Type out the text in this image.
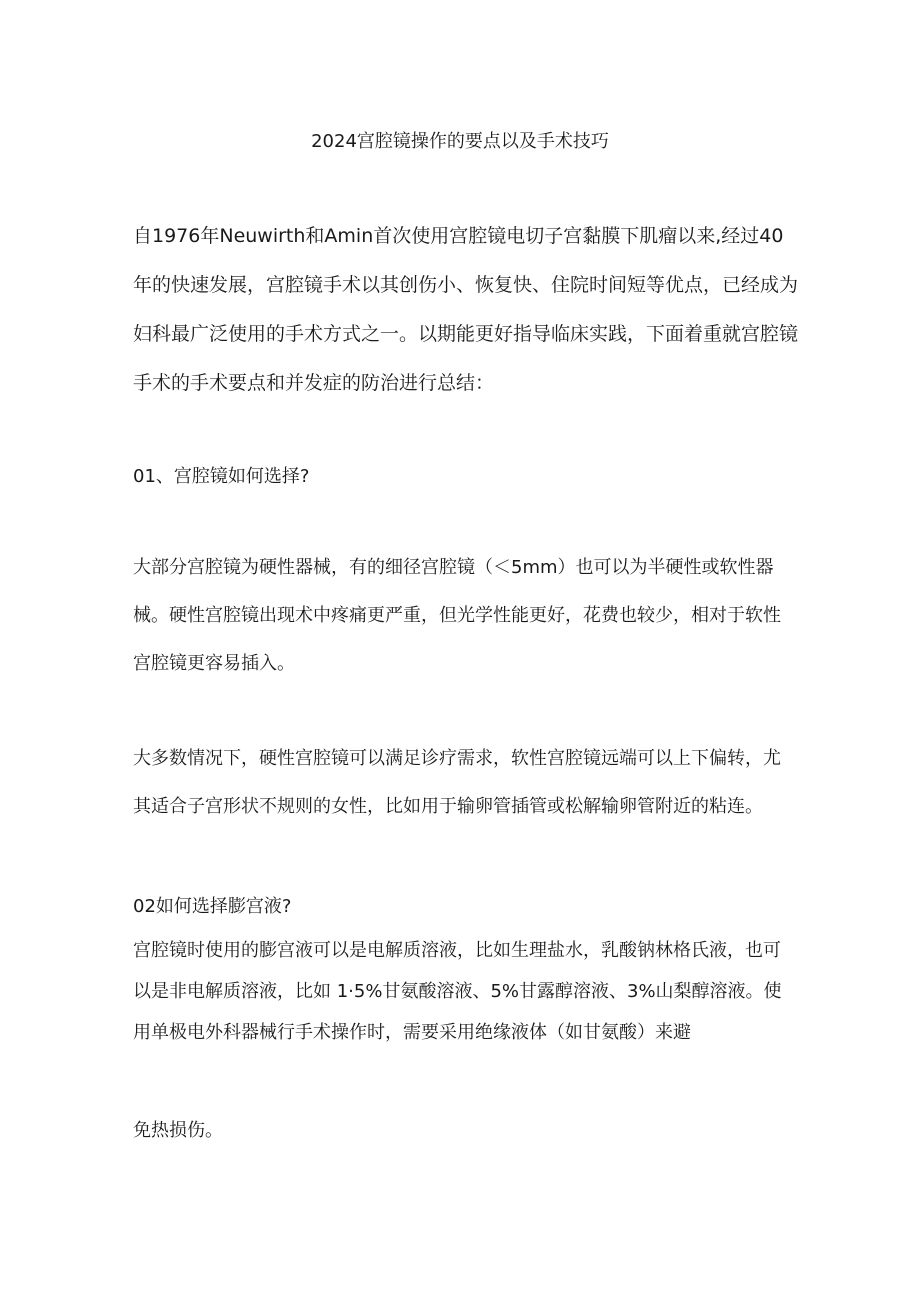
2024宫腔镜操作的要点以及手术技巧

自1976年Neuwirth和Amin首次使用宫腔镜电切子宫黏膜下肌瘤以来,经过40年的快速发展，宫腔镜手术以其创伤小、恢复快、住院时间短等优点，已经成为妇科最广泛使用的手术方式之一。以期能更好指导临床实践，下面着重就宫腔镜手术的手术要点和并发症的防治进行总结：

01、宫腔镜如何选择?

大部分宫腔镜为硬性器械，有的细径宫腔镜（＜5mm）也可以为半硬性或软性器械。硬性宫腔镜出现术中疼痛更严重，但光学性能更好，花费也较少，相对于软性宫腔镜更容易插入。

大多数情况下，硬性宫腔镜可以满足诊疗需求，软性宫腔镜远端可以上下偏转，尤其适合子宫形状不规则的女性，比如用于输卵管插管或松解输卵管附近的粘连。

02如何选择膨宫液?

宫腔镜时使用的膨宫液可以是电解质溶液，比如生理盐水，乳酸钠林格氏液，也可以是非电解质溶液，比如 1·5%甘氨酸溶液、5%甘露醇溶液、3%山梨醇溶液。使用单极电外科器械行手术操作时，需要采用绝缘液体（如甘氨酸）来避

免热损伤。
